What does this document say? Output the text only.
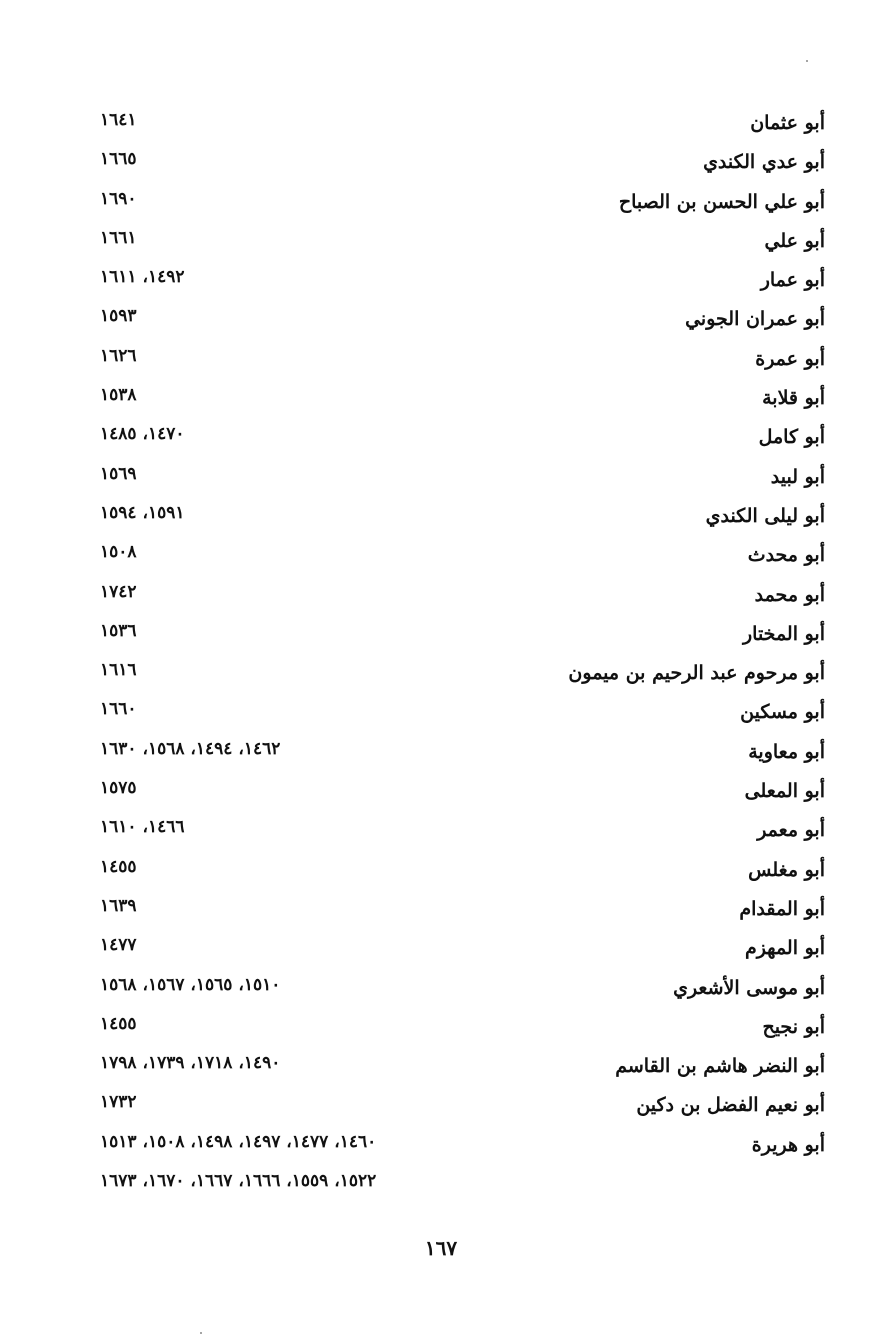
أبو عثمان
١٦٤١
أبو عدي الكندي
١٦٦٥
أبو علي الحسن بن الصباح
١٦٩٠
أبو علي
١٦٦١
أبو عمار
١٤٩٢، ١٦١١
أبو عمران الجوني
١٥٩٣
أبو عمرة
١٦٢٦
أبو قلابة
١٥٣٨
أبو كامل
١٤٧٠، ١٤٨٥
أبو لبيد
١٥٦٩
أبو ليلى الكندي
١٥٩١، ١٥٩٤
أبو محدث
١٥٠٨
أبو محمد
١٧٤٢
أبو المختار
١٥٣٦
أبو مرحوم عبد الرحيم بن ميمون
١٦١٦
أبو مسكين
١٦٦٠
أبو معاوية
١٤٦٢، ١٤٩٤، ١٥٦٨، ١٦٣٠
أبو المعلى
١٥٧٥
أبو معمر
١٤٦٦، ١٦١٠
أبو مغلس
١٤٥٥
أبو المقدام
١٦٣٩
أبو المهزم
١٤٧٧
أبو موسى الأشعري
١٥١٠، ١٥٦٥، ١٥٦٧، ١٥٦٨
أبو نجيح
١٤٥٥
أبو النضر هاشم بن القاسم
١٤٩٠، ١٧١٨، ١٧٣٩، ١٧٩٨
أبو نعيم الفضل بن دكين
١٧٣٢
أبو هريرة
١٤٦٠، ١٤٧٧، ١٤٩٧، ١٤٩٨، ١٥٠٨، ١٥١٣
١٥٢٢، ١٥٥٩، ١٦٦٦، ١٦٦٧، ١٦٧٠، ١٦٧٣
١٦٧
